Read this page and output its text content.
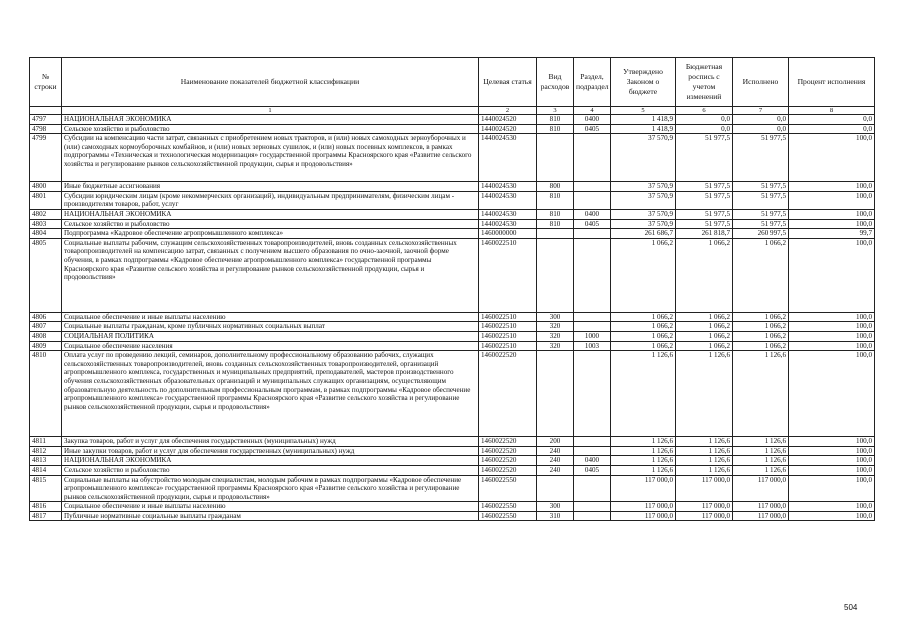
№ строки	Наименование показателей бюджетной классификации	Целевая статья	Вид расходов	Раздел, подраздел	Утверждено Законом о бюджете	Бюджетная роспись с учетом изменений	Исполнено	Процент исполнения
	1	2	3	4	5	6	7	8
4797	НАЦИОНАЛЬНАЯ ЭКОНОМИКА	1440024520	810	0400	1 418,9	0,0	0,0	0,0
4798	Сельское хозяйство и рыболовство	1440024520	810	0405	1 418,9	0,0	0,0	0,0
4799	Субсидии на компенсацию части затрат, связанных с приобретением новых тракторов, и (или) новых самоходных зерноуборочных и (или) самоходных кормоуборочных комбайнов, и (или) новых зерновых сушилок, и (или) новых посевных комплексов, в рамках подпрограммы «Техническая и технологическая модернизация» государственной программы Красноярского края «Развитие сельского хозяйства и регулирование рынков сельскохозяйственной продукции, сырья и продовольствия»	1440024530			37 570,9	51 977,5	51 977,5	100,0
4800	Иные бюджетные ассигнования	1440024530	800		37 570,9	51 977,5	51 977,5	100,0
4801	Субсидии юридическим лицам (кроме некоммерческих организаций), индивидуальным предпринимателям, физическим лицам - производителям товаров, работ, услуг	1440024530	810		37 570,9	51 977,5	51 977,5	100,0
4802	НАЦИОНАЛЬНАЯ ЭКОНОМИКА	1440024530	810	0400	37 570,9	51 977,5	51 977,5	100,0
4803	Сельское хозяйство и рыболовство	1440024530	810	0405	37 570,9	51 977,5	51 977,5	100,0
4804	Подпрограмма «Кадровое обеспечение агропромышленного комплекса»	1460000000			261 686,7	261 818,7	260 997,5	99,7
4805	Социальные выплаты рабочим, служащим сельскохозяйственных товаропроизводителей, вновь созданных сельскохозяйственных товаропроизводителей на компенсацию затрат, связанных с получением высшего образования по очно-заочной, заочной форме обучения, в рамках подпрограммы «Кадровое обеспечение агропромышленного комплекса» государственной программы Красноярского края «Развитие сельского хозяйства и регулирование рынков сельскохозяйственной продукции, сырья и продовольствия»	1460022510			1 066,2	1 066,2	1 066,2	100,0
4806	Социальное обеспечение и иные выплаты населению	1460022510	300		1 066,2	1 066,2	1 066,2	100,0
4807	Социальные выплаты гражданам, кроме публичных нормативных социальных выплат	1460022510	320		1 066,2	1 066,2	1 066,2	100,0
4808	СОЦИАЛЬНАЯ ПОЛИТИКА	1460022510	320	1000	1 066,2	1 066,2	1 066,2	100,0
4809	Социальное обеспечение населения	1460022510	320	1003	1 066,2	1 066,2	1 066,2	100,0
4810	Оплата услуг по проведению лекций, семинаров, дополнительному профессиональному образованию рабочих, служащих сельскохозяйственных товаропроизводителей, вновь созданных сельскохозяйственных товаропроизводителей, организаций агропромышленного комплекса, государственных и муниципальных предприятий, преподавателей, мастеров производственного обучения сельскохозяйственных образовательных организаций и муниципальных служащих организациям, осуществляющим образовательную деятельность по дополнительным профессиональным программам, в рамках подпрограммы «Кадровое обеспечение агропромышленного комплекса» государственной программы Красноярского края «Развитие сельского хозяйства и регулирование рынков сельскохозяйственной продукции, сырья и продовольствия»	1460022520			1 126,6	1 126,6	1 126,6	100,0
4811	Закупка товаров, работ и услуг для обеспечения государственных (муниципальных) нужд	1460022520	200		1 126,6	1 126,6	1 126,6	100,0
4812	Иные закупки товаров, работ и услуг для обеспечения государственных (муниципальных) нужд	1460022520	240		1 126,6	1 126,6	1 126,6	100,0
4813	НАЦИОНАЛЬНАЯ ЭКОНОМИКА	1460022520	240	0400	1 126,6	1 126,6	1 126,6	100,0
4814	Сельское хозяйство и рыболовство	1460022520	240	0405	1 126,6	1 126,6	1 126,6	100,0
4815	Социальные выплаты на обустройство молодым специалистам, молодым рабочим в рамках подпрограммы «Кадровое обеспечение агропромышленного комплекса» государственной программы Красноярского края «Развитие сельского хозяйства и регулирование рынков сельскохозяйственной продукции, сырья и продовольствия»	1460022550			117 000,0	117 000,0	117 000,0	100,0
4816	Социальное обеспечение и иные выплаты населению	1460022550	300		117 000,0	117 000,0	117 000,0	100,0
4817	Публичные нормативные социальные выплаты гражданам	1460022550	310		117 000,0	117 000,0	117 000,0	100,0
504
